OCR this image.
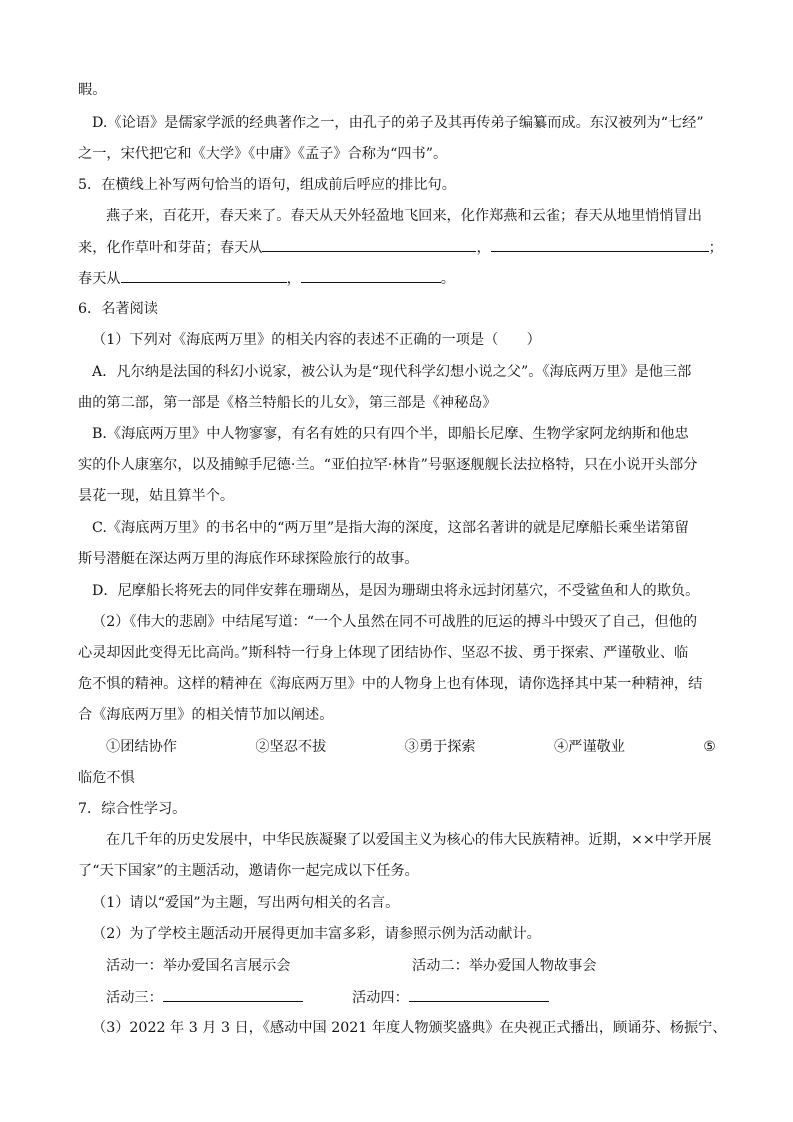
暇。
D.《论语》是儒家学派的经典著作之一，由孔子的弟子及其再传弟子编纂而成。东汉被列为“七经”
之一，宋代把它和《大学》《中庸》《孟子》合称为“四书”。
5．在横线上补写两句恰当的语句，组成前后呼应的排比句。
燕子来，百花开，春天来了。春天从天外轻盈地飞回来，化作郑燕和云雀；春天从地里悄悄冒出
来，化作草叶和芽苗；春天从	，	；
春天从	，	。
6．名著阅读
（1）下列对《海底两万里》的相关内容的表述不正确的一项是（　　）
A．凡尔纳是法国的科幻小说家，被公认为是“现代科学幻想小说之父”。《海底两万里》是他三部
曲的第二部，第一部是《格兰特船长的儿女》，第三部是《神秘岛》
B.《海底两万里》中人物寥寥，有名有姓的只有四个半，即船长尼摩、生物学家阿龙纳斯和他忠
实的仆人康塞尔，以及捕鲸手尼德·兰。“亚伯拉罕·林肯”号驱逐舰舰长法拉格特，只在小说开头部分
昙花一现，姑且算半个。
C.《海底两万里》的书名中的“两万里”是指大海的深度，这部名著讲的就是尼摩船长乘坐诺第留
斯号潜艇在深达两万里的海底作环球探险旅行的故事。
D．尼摩船长将死去的同伴安葬在珊瑚丛，是因为珊瑚虫将永远封闭墓穴，不受鲨鱼和人的欺负。
（2）《伟大的悲剧》中结尾写道：“一个人虽然在同不可战胜的厄运的搏斗中毁灭了自己，但他的
心灵却因此变得无比高尚。”斯科特一行身上体现了团结协作、坚忍不拔、勇于探索、严谨敬业、临
危不惧的精神。这样的精神在《海底两万里》中的人物身上也有体现，请你选择其中某一种精神，结
合《海底两万里》的相关情节加以阐述。
①团结协作	②坚忍不拔	③勇于探索	④严谨敬业	⑤
临危不惧
7．综合性学习。
在几千年的历史发展中，中华民族凝聚了以爱国主义为核心的伟大民族精神。近期，××中学开展
了“天下国家”的主题活动，邀请你一起完成以下任务。
（1）请以“爱国”为主题，写出两句相关的名言。
（2）为了学校主题活动开展得更加丰富多彩，请参照示例为活动献计。
活动一：举办爱国名言展示会	活动二：举办爱国人物故事会
活动三：	活动四：
（3）2022 年 3 月 3 日，《感动中国 2021 年度人物颁奖盛典》在央视正式播出，顾诵芬、杨振宁、
